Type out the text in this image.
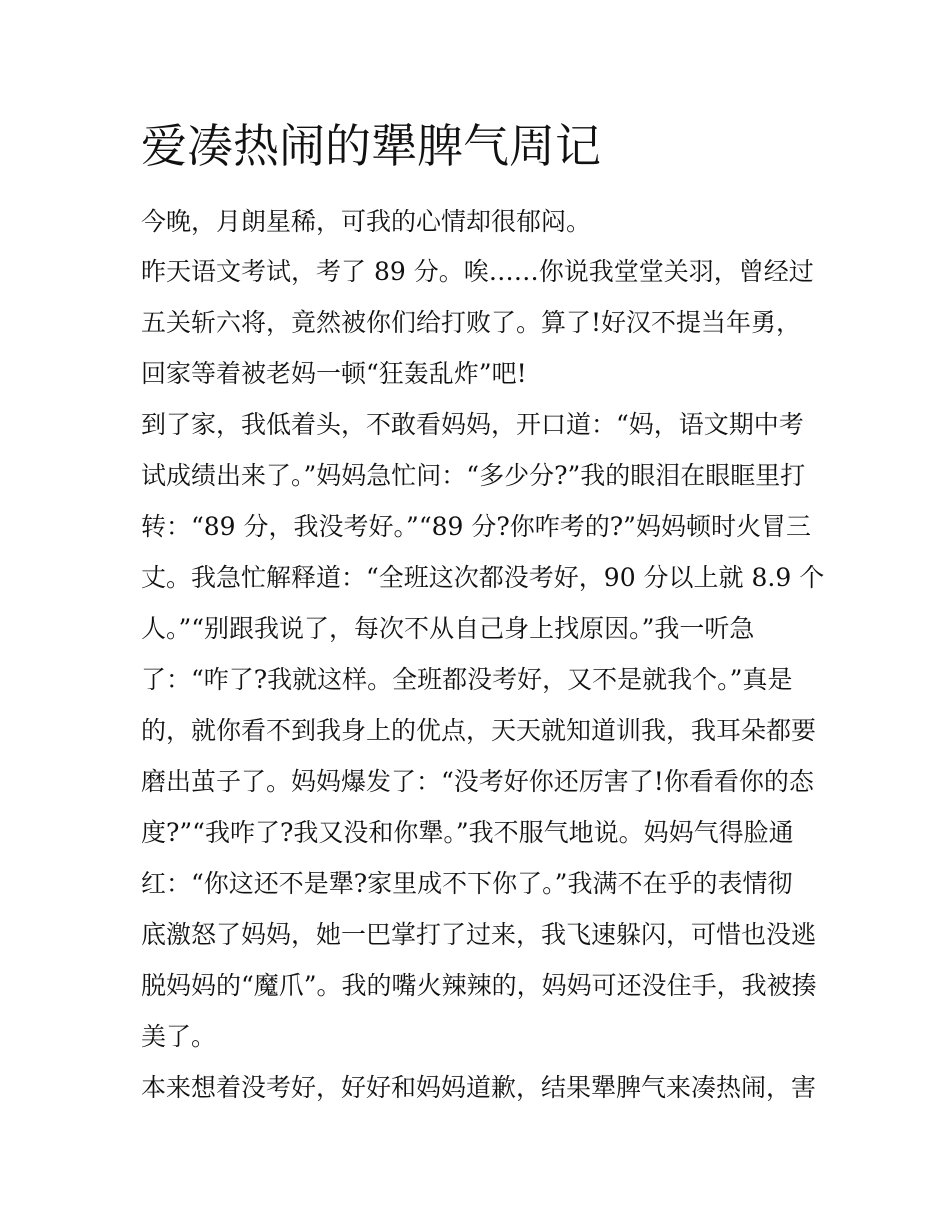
爱凑热闹的犟脾气周记

今晚，月朗星稀，可我的心情却很郁闷。

昨天语文考试，考了 89 分。唉……你说我堂堂关羽，曾经过

五关斩六将，竟然被你们给打败了。算了!好汉不提当年勇，

回家等着被老妈一顿“狂轰乱炸”吧!

到了家，我低着头，不敢看妈妈，开口道：“妈，语文期中考

试成绩出来了。”妈妈急忙问：“多少分?”我的眼泪在眼眶里打

转：“89 分，我没考好。”“89 分?你咋考的?”妈妈顿时火冒三

丈。我急忙解释道：“全班这次都没考好，90 分以上就 8.9 个

人。”“别跟我说了，每次不从自己身上找原因。”我一听急

了：“咋了?我就这样。全班都没考好，又不是就我个。”真是

的，就你看不到我身上的优点，天天就知道训我，我耳朵都要

磨出茧子了。妈妈爆发了：“没考好你还厉害了!你看看你的态

度?”“我咋了?我又没和你犟。”我不服气地说。妈妈气得脸通

红：“你这还不是犟?家里成不下你了。”我满不在乎的表情彻

底激怒了妈妈，她一巴掌打了过来，我飞速躲闪，可惜也没逃

脱妈妈的“魔爪”。我的嘴火辣辣的，妈妈可还没住手，我被揍

美了。

本来想着没考好，好好和妈妈道歉，结果犟脾气来凑热闹，害
